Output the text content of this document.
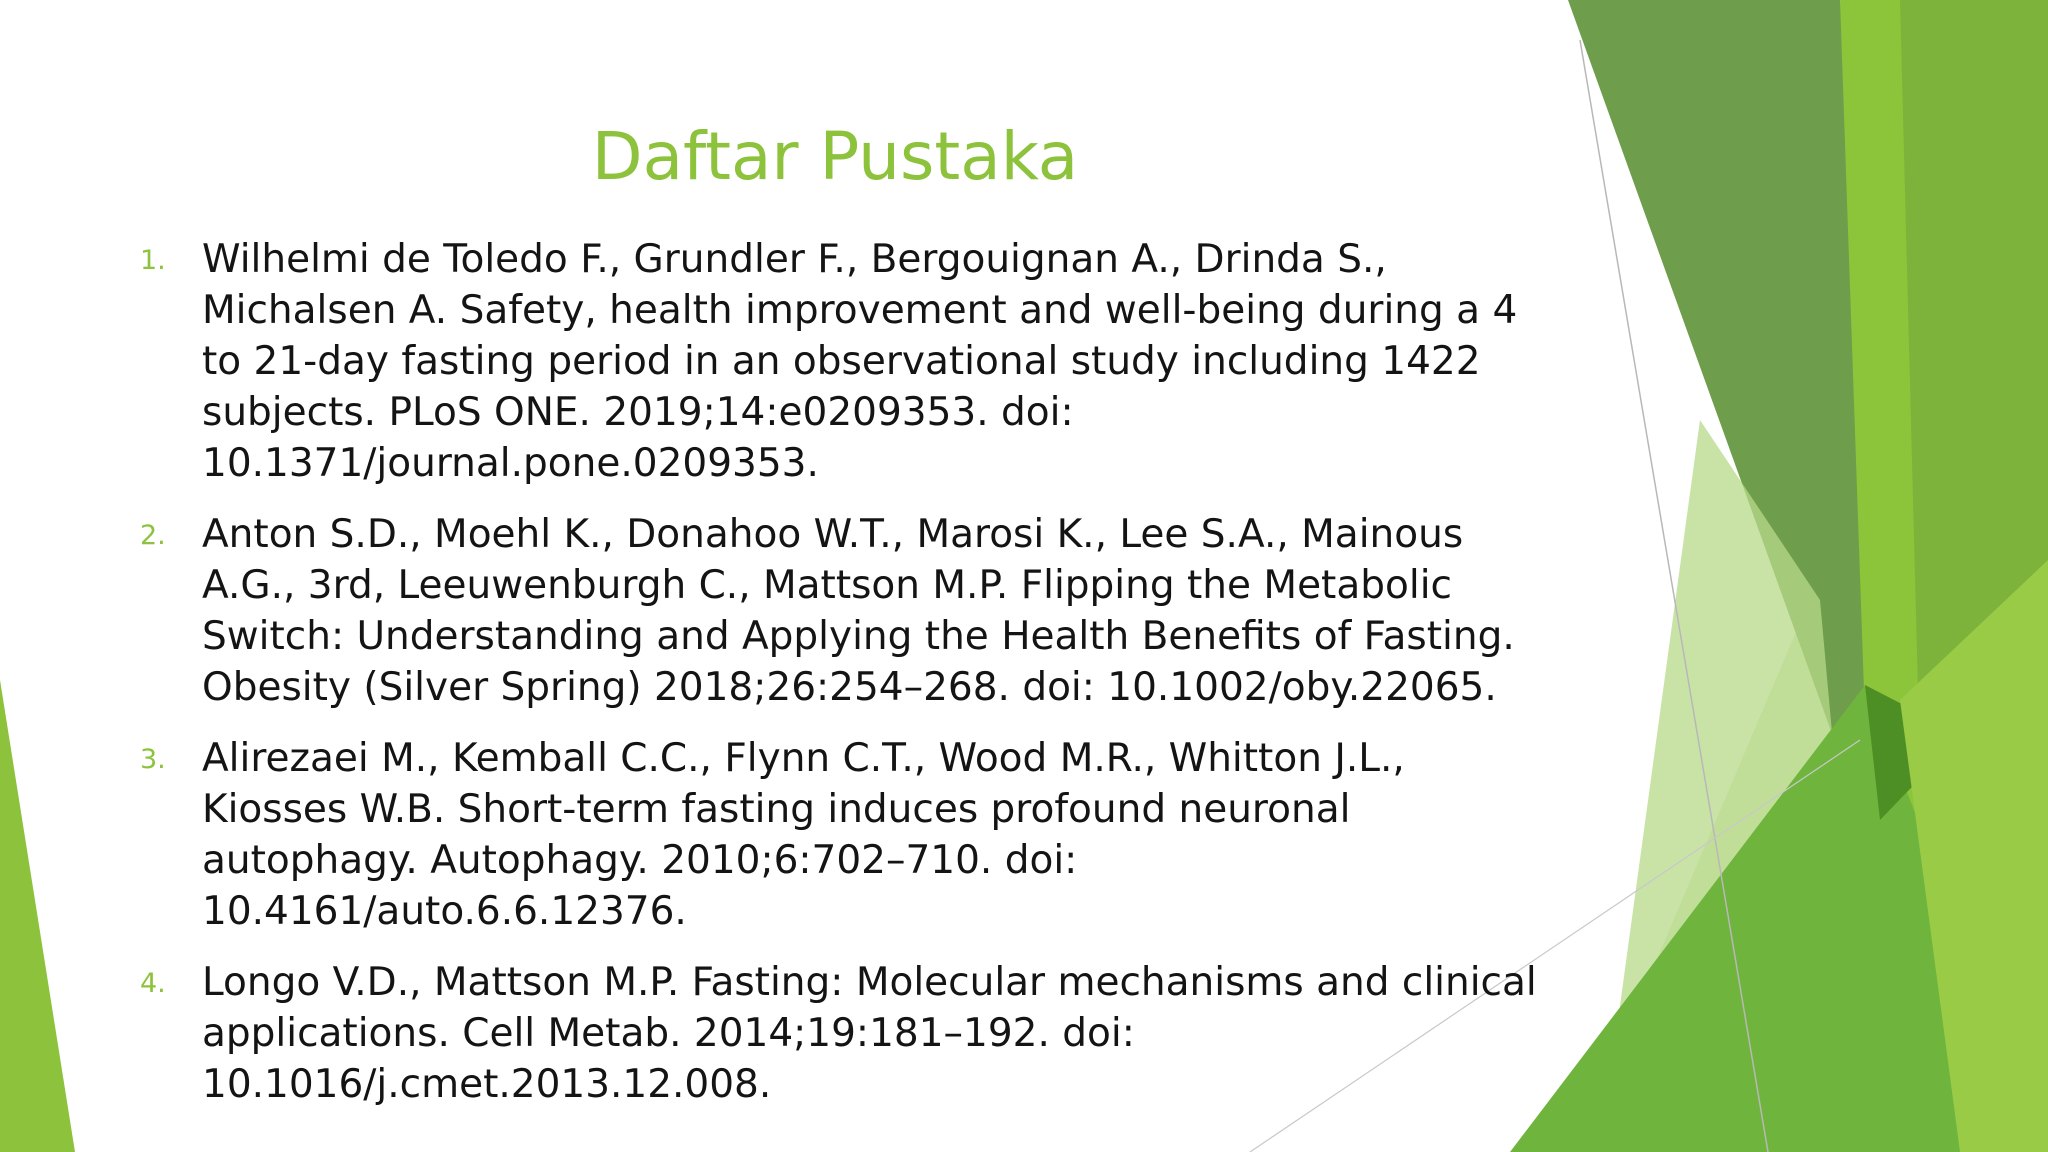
Daftar Pustaka
1. Wilhelmi de Toledo F., Grundler F., Bergouignan A., Drinda S., Michalsen A. Safety, health improvement and well-being during a 4 to 21-day fasting period in an observational study including 1422 subjects. PLoS ONE. 2019;14:e0209353. doi: 10.1371/journal.pone.0209353.
2. Anton S.D., Moehl K., Donahoo W.T., Marosi K., Lee S.A., Mainous A.G., 3rd, Leeuwenburgh C., Mattson M.P. Flipping the Metabolic Switch: Understanding and Applying the Health Benefits of Fasting. Obesity (Silver Spring) 2018;26:254–268. doi: 10.1002/oby.22065.
3. Alirezaei M., Kemball C.C., Flynn C.T., Wood M.R., Whitton J.L., Kiosses W.B. Short-term fasting induces profound neuronal autophagy. Autophagy. 2010;6:702–710. doi: 10.4161/auto.6.6.12376.
4. Longo V.D., Mattson M.P. Fasting: Molecular mechanisms and clinical applications. Cell Metab. 2014;19:181–192. doi: 10.1016/j.cmet.2013.12.008.
